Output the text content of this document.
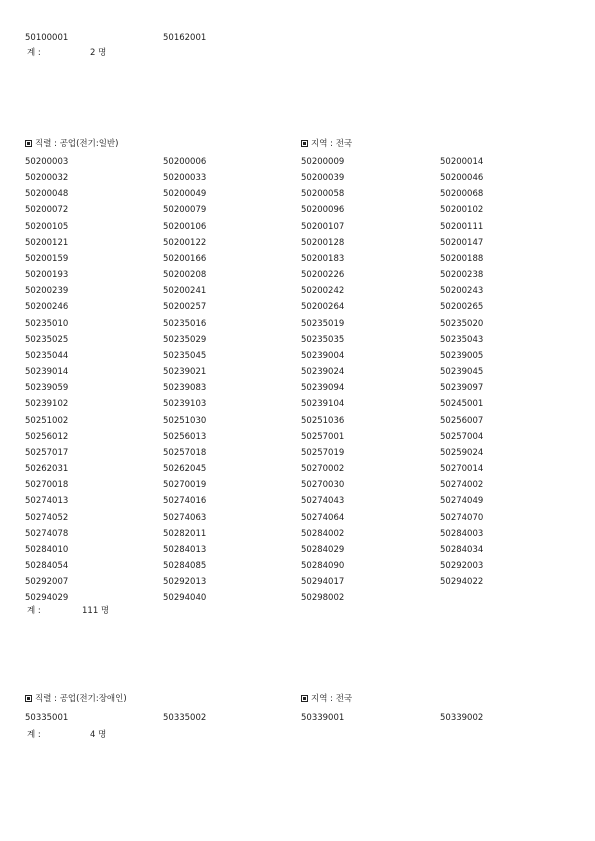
50100001	50162001
계 :	2 명
직렬 : 공업(전기:일반)	지역 : 전국
50200003	50200006	50200009	50200014
50200032	50200033	50200039	50200046
50200048	50200049	50200058	50200068
50200072	50200079	50200096	50200102
50200105	50200106	50200107	50200111
50200121	50200122	50200128	50200147
50200159	50200166	50200183	50200188
50200193	50200208	50200226	50200238
50200239	50200241	50200242	50200243
50200246	50200257	50200264	50200265
50235010	50235016	50235019	50235020
50235025	50235029	50235035	50235043
50235044	50235045	50239004	50239005
50239014	50239021	50239024	50239045
50239059	50239083	50239094	50239097
50239102	50239103	50239104	50245001
50251002	50251030	50251036	50256007
50256012	50256013	50257001	50257004
50257017	50257018	50257019	50259024
50262031	50262045	50270002	50270014
50270018	50270019	50270030	50274002
50274013	50274016	50274043	50274049
50274052	50274063	50274064	50274070
50274078	50282011	50284002	50284003
50284010	50284013	50284029	50284034
50284054	50284085	50284090	50292003
50292007	50292013	50294017	50294022
50294029	50294040	50298002
계 :	111 명
직렬 : 공업(전기:장애인)	지역 : 전국
50335001	50335002	50339001	50339002
계 :	4 명
